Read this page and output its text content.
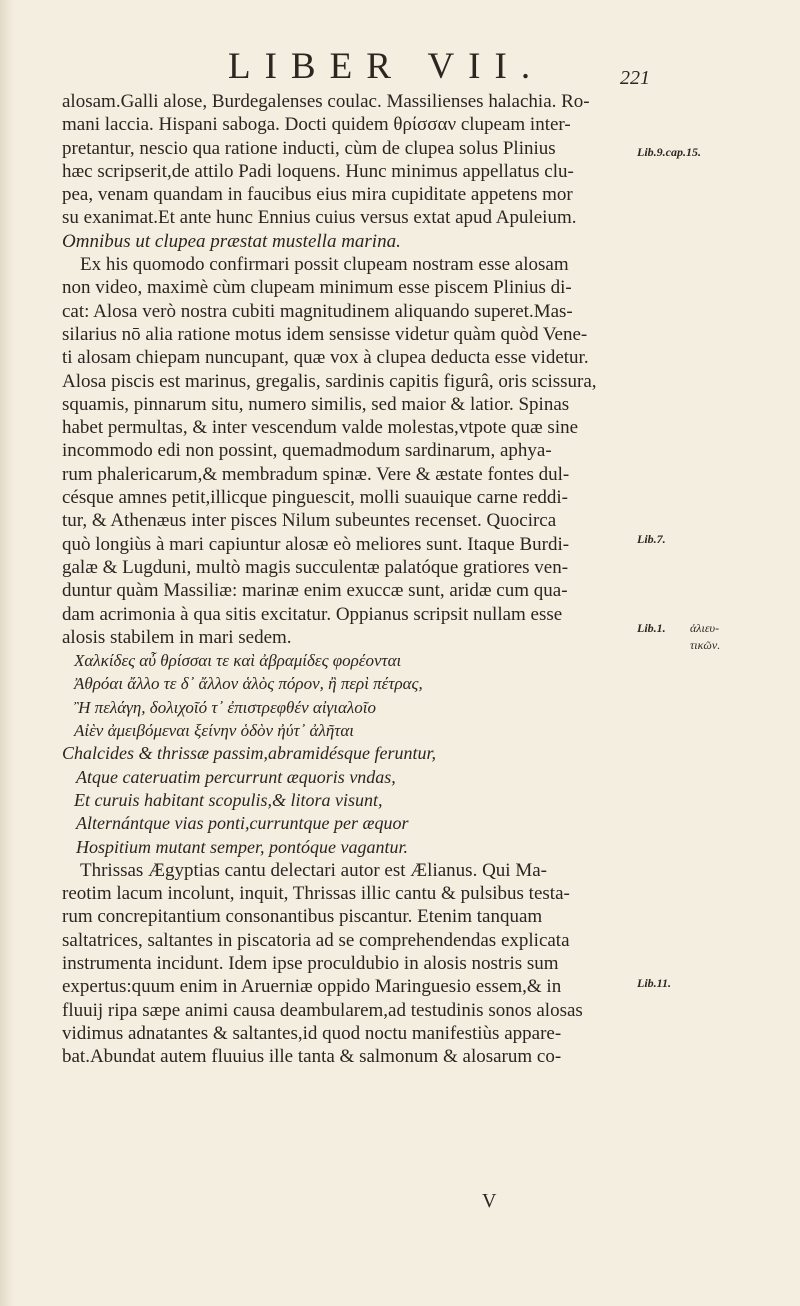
LIBER VII.	221
alosam.Galli alose, Burdegalenses coulac. Massilienses halachia. Ro-
mani laccia. Hispani saboga. Docti quidem θρίσσαν clupeam inter-
pretantur, nescio qua ratione inducti, cùm de clupea solus Plinius
hæc scripserit,de attilo Padi loquens. Hunc minimus appellatus clu-
pea, venam quandam in faucibus eius mira cupiditate appetens mor
su exanimat.Et ante hunc Ennius cuius versus extat apud Apuleium.
Omnibus ut clupea præstat mustella marina.
Ex his quomodo confirmari possit clupeam nostram esse alosam
non video, maximè cùm clupeam minimum esse piscem Plinius di-
cat: Alosa verò nostra cubiti magnitudinem aliquando superet.Mas-
silarius nō alia ratione motus idem sensisse videtur quàm quòd Vene-
ti alosam chiepam nuncupant, quæ vox à clupea deducta esse videtur.
Alosa piscis est marinus, gregalis, sardinis capitis figurâ, oris scissura,
squamis, pinnarum situ, numero similis, sed maior & latior. Spinas
habet permultas, & inter vescendum valde molestas,vtpote quæ sine
incommodo edi non possint, quemadmodum sardinarum, aphya-
rum phalericarum,& membradum spinæ. Vere & æstate fontes dul-
césque amnes petit,illicque pinguescit, molli suauique carne reddi-
tur, & Athenæus inter pisces Nilum subeuntes recenset. Quocirca
quò longiùs à mari capiuntur alosæ eò meliores sunt. Itaque Burdi-
galæ & Lugduni, multò magis succulentæ palatóque gratiores ven-
duntur quàm Massiliæ: marinæ enim exuccæ sunt, aridæ cum qua-
dam acrimonia à qua sitis excitatur. Oppianus scripsit nullam esse
alosis stabilem in mari sedem.
Χαλκίδες αὖ θρίσσαι τε καὶ ἀβραμίδες φορέονται
Ἀθρόαι ἄλλο τε δ᾽ ἄλλον ἁλὸς πόρον, ἢ περὶ πέτρας,
Ἢ πελάγη, δολιχοῖό τ᾽ ἐπιστρεφθέν αἰγιαλοῖο
Αἰὲν ἀμειβόμεναι ξείνην ὁδὸν ἠύτ᾽ ἀλῆται
Chalcides & thrissæ passim,abramidésque feruntur,
Atque cateruatim percurrunt æquoris vndas,
Et curuis habitant scopulis,& litora visunt,
Alternántque vias ponti,curruntque per æquor
Hospitium mutant semper, pontóque vagantur.
Thrissas Ægyptias cantu delectari autor est Ælianus. Qui Ma-
reotim lacum incolunt, inquit, Thrissas illic cantu & pulsibus testa-
rum concrepitantium consonantibus piscantur. Etenim tanquam
saltatrices, saltantes in piscatoria ad se comprehendendas explicata
instrumenta incidunt. Idem ipse proculdubio in alosis nostris sum
expertus:quum enim in Aruerniæ oppido Maringuesio essem,& in
fluuij ripa sæpe animi causa deambularem,ad testudinis sonos alosas
vidimus adnatantes & saltantes,id quod noctu manifestiùs appare-
bat.Abundat autem fluuius ille tanta & salmonum & alosarum co-
Lib.9.cap.15.
Lib.7.
Lib.1. ἁλιευ-
τικῶν.
Lib.11.
V
